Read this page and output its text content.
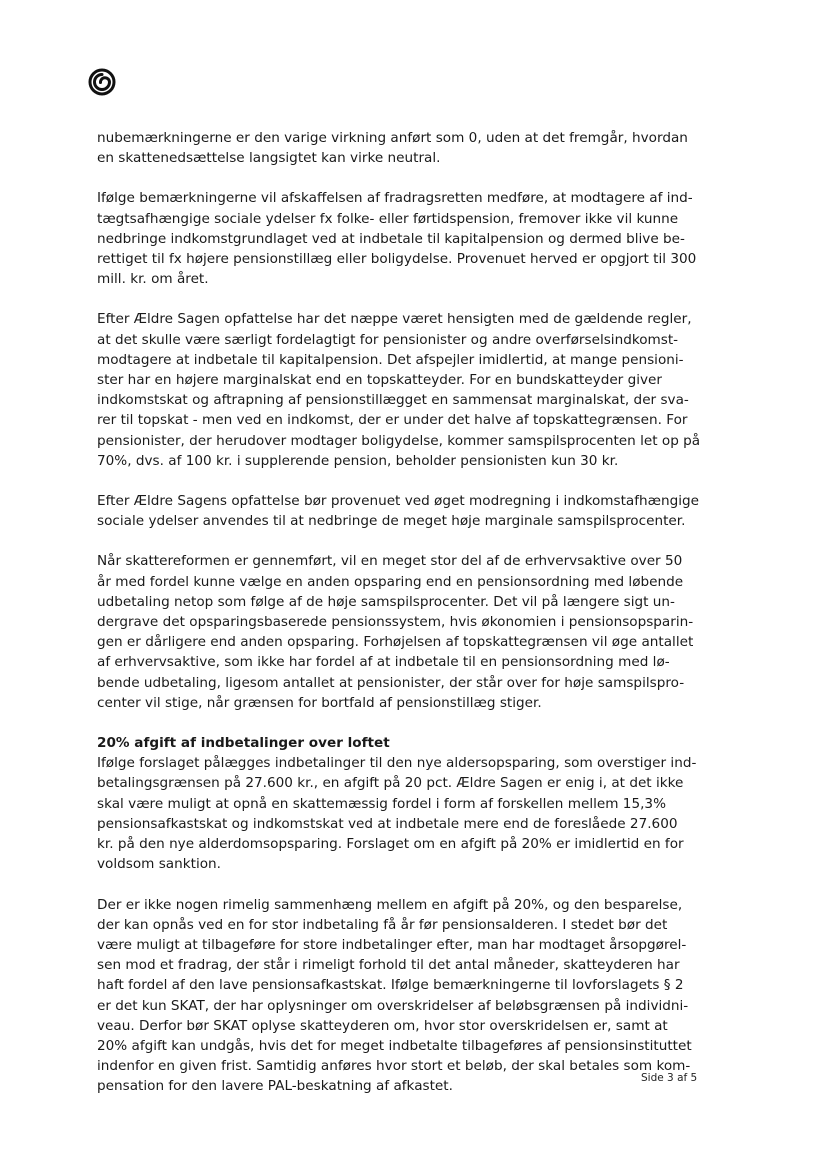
nubemærkningerne er den varige virkning anført som 0, uden at det fremgår, hvordan
en skattenedsættelse langsigtet kan virke neutral.
Ifølge bemærkningerne vil afskaffelsen af fradragsretten medføre, at modtagere af ind-
tægtsafhængige sociale ydelser fx folke- eller førtidspension, fremover ikke vil kunne
nedbringe indkomstgrundlaget ved at indbetale til kapitalpension og dermed blive be-
rettiget til fx højere pensionstillæg eller boligydelse. Provenuet herved er opgjort til 300
mill. kr. om året.
Efter Ældre Sagen opfattelse har det næppe været hensigten med de gældende regler,
at det skulle være særligt fordelagtigt for pensionister og andre overførselsindkomst-
modtagere at indbetale til kapitalpension. Det afspejler imidlertid, at mange pensioni-
ster har en højere marginalskat end en topskatteyder. For en bundskatteyder giver
indkomstskat og aftrapning af pensionstillægget en sammensat marginalskat, der sva-
rer til topskat - men ved en indkomst, der er under det halve af topskattegrænsen. For
pensionister, der herudover modtager boligydelse, kommer samspilsprocenten let op på
70%, dvs. af 100 kr. i supplerende pension, beholder pensionisten kun 30 kr.
Efter Ældre Sagens opfattelse bør provenuet ved øget modregning i indkomstafhængige
sociale ydelser anvendes til at nedbringe de meget høje marginale samspilsprocenter.
Når skattereformen er gennemført, vil en meget stor del af de erhvervsaktive over 50
år med fordel kunne vælge en anden opsparing end en pensionsordning med løbende
udbetaling netop som følge af de høje samspilsprocenter. Det vil på længere sigt un-
dergrave det opsparingsbaserede pensionssystem, hvis økonomien i pensionsopsparin-
gen er dårligere end anden opsparing. Forhøjelsen af topskattegrænsen vil øge antallet
af erhvervsaktive, som ikke har fordel af at indbetale til en pensionsordning med lø-
bende udbetaling, ligesom antallet at pensionister, der står over for høje samspilspro-
center vil stige, når grænsen for bortfald af pensionstillæg stiger.
20% afgift af indbetalinger over loftet
Ifølge forslaget pålægges indbetalinger til den nye aldersopsparing, som overstiger ind-
betalingsgrænsen på 27.600 kr., en afgift på 20 pct. Ældre Sagen er enig i, at det ikke
skal være muligt at opnå en skattemæssig fordel i form af forskellen mellem 15,3%
pensionsafkastskat og indkomstskat ved at indbetale mere end de foreslåede 27.600
kr. på den nye alderdomsopsparing. Forslaget om en afgift på 20% er imidlertid en for
voldsom sanktion.
Der er ikke nogen rimelig sammenhæng mellem en afgift på 20%, og den besparelse,
der kan opnås ved en for stor indbetaling få år før pensionsalderen. I stedet bør det
være muligt at tilbageføre for store indbetalinger efter, man har modtaget årsopgørel-
sen mod et fradrag, der står i rimeligt forhold til det antal måneder, skatteyderen har
haft fordel af den lave pensionsafkastskat. Ifølge bemærkningerne til lovforslagets § 2
er det kun SKAT, der har oplysninger om overskridelser af beløbsgrænsen på individni-
veau. Derfor bør SKAT oplyse skatteyderen om, hvor stor overskridelsen er, samt at
20% afgift kan undgås, hvis det for meget indbetalte tilbageføres af pensionsinstituttet
indenfor en given frist. Samtidig anføres hvor stort et beløb, der skal betales som kom-
pensation for den lavere PAL-beskatning af afkastet.
Side 3 af 5
